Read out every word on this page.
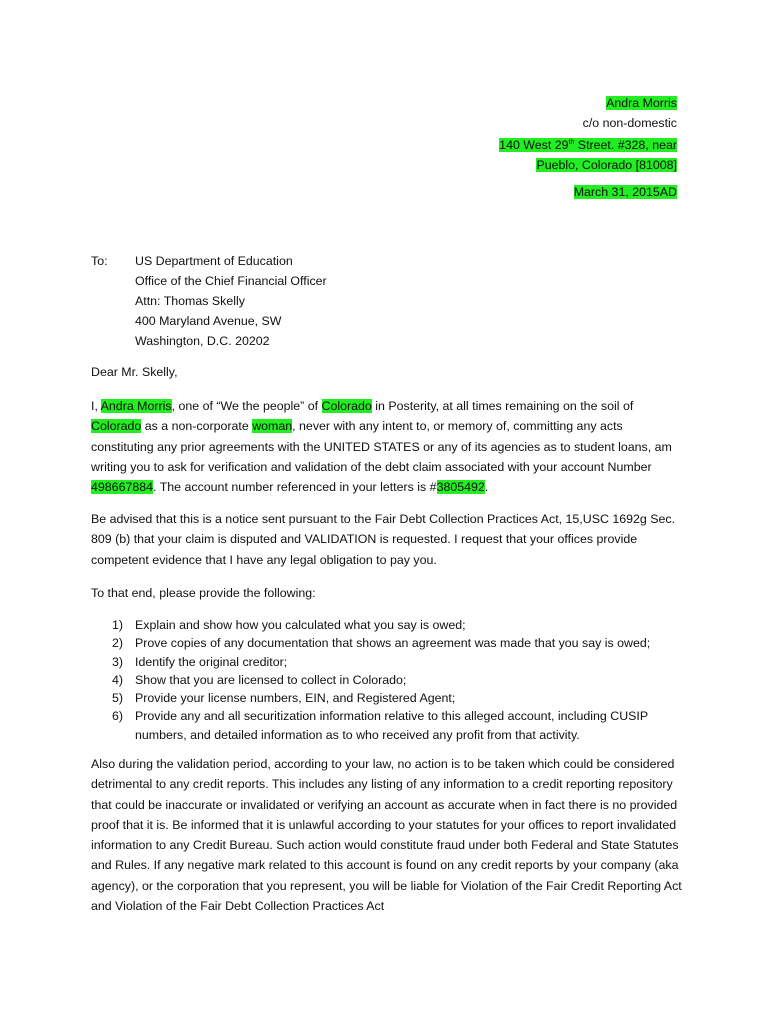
Andra Morris
c/o non-domestic
140 West 29th Street. #328, near
Pueblo, Colorado [81008]
March 31, 2015AD
To: US Department of Education
Office of the Chief Financial Officer
Attn: Thomas Skelly
400 Maryland Avenue, SW
Washington, D.C. 20202
Dear Mr. Skelly,
I, Andra Morris, one of “We the people” of Colorado in Posterity, at all times remaining on the soil of Colorado as a non-corporate woman, never with any intent to, or memory of, committing any acts constituting any prior agreements with the UNITED STATES or any of its agencies as to student loans, am writing you to ask for verification and validation of the debt claim associated with your account Number 498667884. The account number referenced in your letters is #3805492.
Be advised that this is a notice sent pursuant to the Fair Debt Collection Practices Act, 15,USC 1692g Sec. 809 (b) that your claim is disputed and VALIDATION is requested. I request that your offices provide competent evidence that I have any legal obligation to pay you.
To that end, please provide the following:
1) Explain and show how you calculated what you say is owed;
2) Prove copies of any documentation that shows an agreement was made that you say is owed;
3) Identify the original creditor;
4) Show that you are licensed to collect in Colorado;
5) Provide your license numbers, EIN, and Registered Agent;
6) Provide any and all securitization information relative to this alleged account, including CUSIP numbers, and detailed information as to who received any profit from that activity.
Also during the validation period, according to your law, no action is to be taken which could be considered detrimental to any credit reports. This includes any listing of any information to a credit reporting repository that could be inaccurate or invalidated or verifying an account as accurate when in fact there is no provided proof that it is. Be informed that it is unlawful according to your statutes for your offices to report invalidated information to any Credit Bureau. Such action would constitute fraud under both Federal and State Statutes and Rules. If any negative mark related to this account is found on any credit reports by your company (aka agency), or the corporation that you represent, you will be liable for Violation of the Fair Credit Reporting Act and Violation of the Fair Debt Collection Practices Act
